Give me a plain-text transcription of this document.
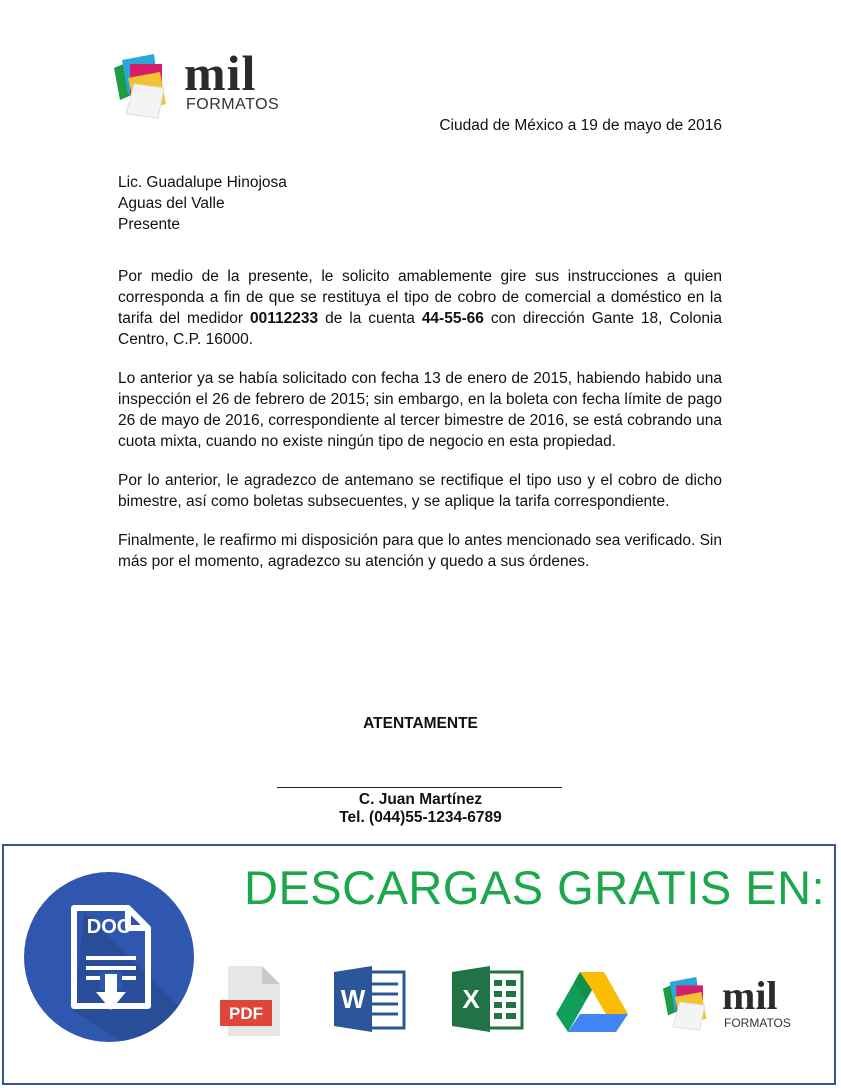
mil
FORMATOS
Ciudad de México a 19 de mayo de 2016
Lic. Guadalupe Hinojosa
Aguas del Valle
Presente

Por medio de la presente, le solicito amablemente gire sus instrucciones a quien corresponda a fin de que se restituya el tipo de cobro de comercial a doméstico en la tarifa del medidor 00112233 de la cuenta 44-55-66 con dirección Gante 18, Colonia Centro, C.P. 16000.

Lo anterior ya se había solicitado con fecha 13 de enero de 2015, habiendo habido una inspección el 26 de febrero de 2015; sin embargo, en la boleta con fecha límite de pago 26 de mayo de 2016, correspondiente al tercer bimestre de 2016, se está cobrando una cuota mixta, cuando no existe ningún tipo de negocio en esta propiedad.

Por lo anterior, le agradezco de antemano se rectifique el tipo uso y el cobro de dicho bimestre, así como boletas subsecuentes, y se aplique la tarifa correspondiente.

Finalmente, le reafirmo mi disposición para que lo antes mencionado sea verificado. Sin más por el momento, agradezco su atención y quedo a sus órdenes.

ATENTAMENTE
C. Juan Martínez
Tel. (044)55-1234-6789
DOC
DESCARGAS GRATIS EN:
PDF	W	X	mil
FORMATOS
